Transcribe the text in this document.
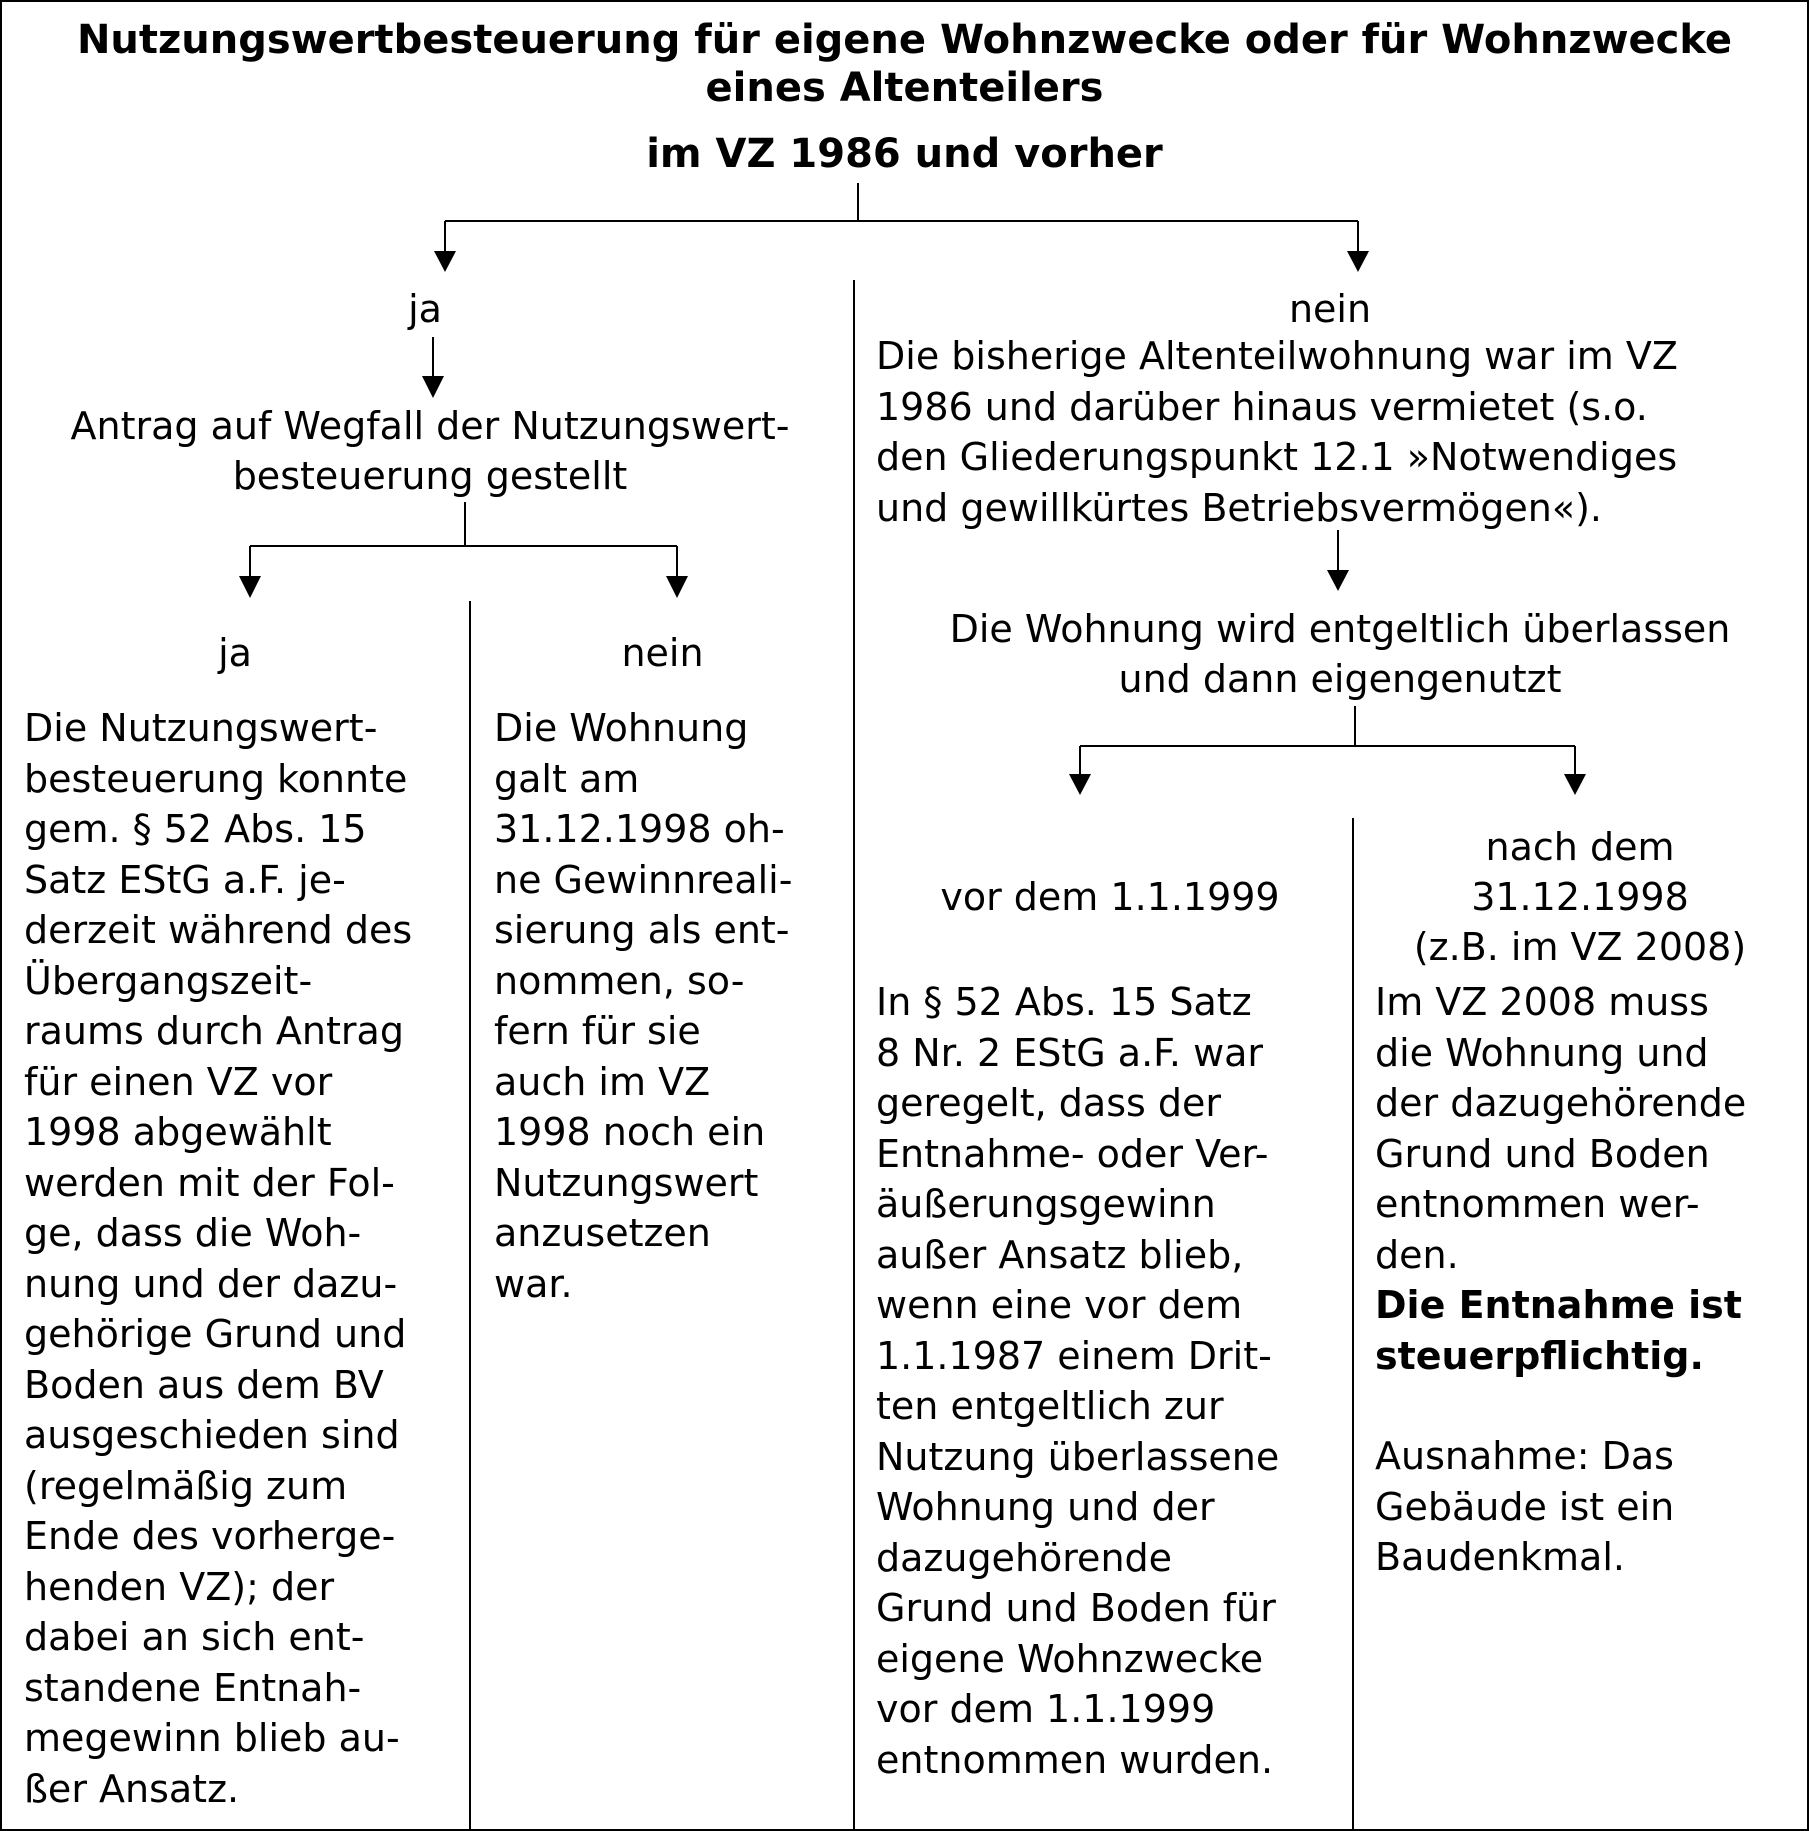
Nutzungswertbesteuerung für eigene Wohnzwecke oder für Wohnzwecke
eines Altenteilers
im VZ 1986 und vorher
ja
Antrag auf Wegfall der Nutzungswert-
besteuerung gestellt
ja	nein
Die Nutzungswert-
besteuerung konnte
gem. § 52 Abs. 15
Satz EStG a.F. je-
derzeit während des
Übergangszeit-
raums durch Antrag
für einen VZ vor
1998 abgewählt
werden mit der Fol-
ge, dass die Woh-
nung und der dazu-
gehörige Grund und
Boden aus dem BV
ausgeschieden sind
(regelmäßig zum
Ende des vorherge-
henden VZ); der
dabei an sich ent-
standene Entnah-
megewinn blieb au-
ßer Ansatz.
Die Wohnung
galt am
31.12.1998 oh-
ne Gewinnreali-
sierung als ent-
nommen, so-
fern für sie
auch im VZ
1998 noch ein
Nutzungswert
anzusetzen
war.
nein
Die bisherige Altenteilwohnung war im VZ
1986 und darüber hinaus vermietet (s.o.
den Gliederungspunkt 12.1 »Notwendiges
und gewillkürtes Betriebsvermögen«).
Die Wohnung wird entgeltlich überlassen
und dann eigengenutzt
vor dem 1.1.1999
nach dem
31.12.1998
(z.B. im VZ 2008)
In § 52 Abs. 15 Satz
8 Nr. 2 EStG a.F. war
geregelt, dass der
Entnahme- oder Ver-
äußerungsgewinn
außer Ansatz blieb,
wenn eine vor dem
1.1.1987 einem Drit-
ten entgeltlich zur
Nutzung überlassene
Wohnung und der
dazugehörende
Grund und Boden für
eigene Wohnzwecke
vor dem 1.1.1999
entnommen wurden.
Im VZ 2008 muss
die Wohnung und
der dazugehörende
Grund und Boden
entnommen wer-
den.
Die Entnahme ist
steuerpflichtig.
Ausnahme: Das
Gebäude ist ein
Baudenkmal.
